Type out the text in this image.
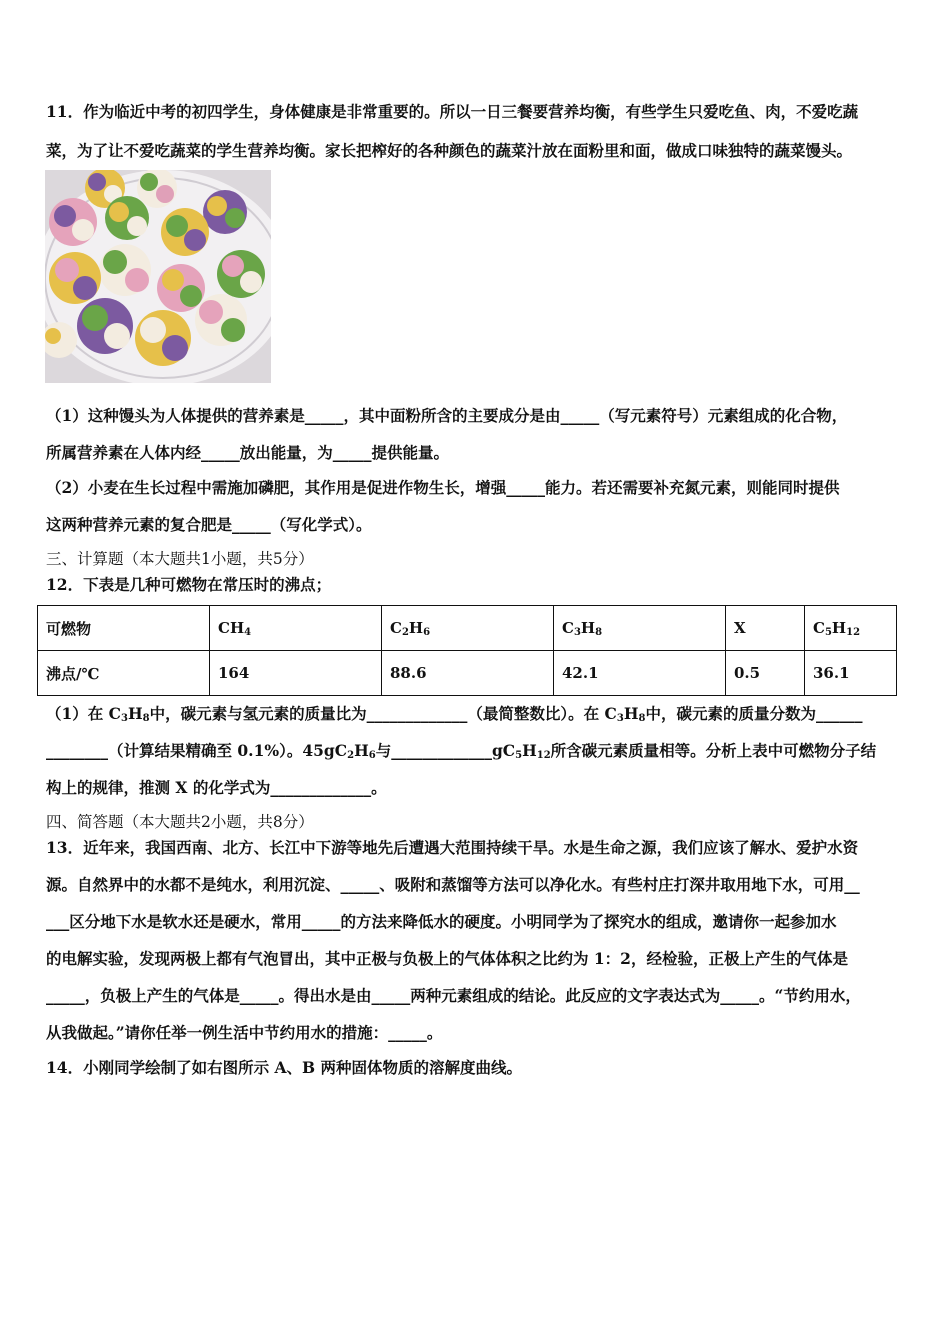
11．作为临近中考的初四学生，身体健康是非常重要的。所以一日三餐要营养均衡，有些学生只爱吃鱼、肉，不爱吃蔬
菜，为了让不爱吃蔬菜的学生营养均衡。家长把榨好的各种颜色的蔬菜汁放在面粉里和面，做成口味独特的蔬菜馒头。
（1）这种馒头为人体提供的营养素是_____，其中面粉所含的主要成分是由_____（写元素符号）元素组成的化合物，
所属营养素在人体内经_____放出能量，为_____提供能量。
（2）小麦在生长过程中需施加磷肥，其作用是促进作物生长，增强_____能力。若还需要补充氮元素，则能同时提供
这两种营养元素的复合肥是_____（写化学式）。
三、计算题（本大题共1小题，共5分）
12．下表是几种可燃物在常压时的沸点；
可燃物	$CH_4$	$C_2H_6$	$C_3H_8$	X	$C_5H_{12}$
沸点/℃	164	88.6	42.1	0.5	36.1
（1）在 $C_3H_8$中，碳元素与氢元素的质量比为_____________（最简整数比）。在 $C_3H_8$中，碳元素的质量分数为______
________（计算结果精确至 0.1%）。$45gC_2H_6$与$\_\_\_\_\_\_\_\_\_\_\_\_\_gC_5H_{12}$所含碳元素质量相等。分析上表中可燃物分子结
构上的规律，推测 X 的化学式为_____________。
四、简答题（本大题共2小题，共8分）
13．近年来，我国西南、北方、长江中下游等地先后遭遇大范围持续干旱。水是生命之源，我们应该了解水、爱护水资
源。自然界中的水都不是纯水，利用沉淀、_____、吸附和蒸馏等方法可以净化水。有些村庄打深井取用地下水，可用__
___区分地下水是软水还是硬水，常用_____的方法来降低水的硬度。小明同学为了探究水的组成，邀请你一起参加水
的电解实验，发现两极上都有气泡冒出，其中正极与负极上的气体体积之比约为 1：2，经检验，正极上产生的气体是
_____，负极上产生的气体是_____。得出水是由_____两种元素组成的结论。此反应的文字表达式为_____。“节约用水，
从我做起。”请你任举一例生活中节约用水的措施：_____。
14．小刚同学绘制了如右图所示 A、B 两种固体物质的溶解度曲线。
